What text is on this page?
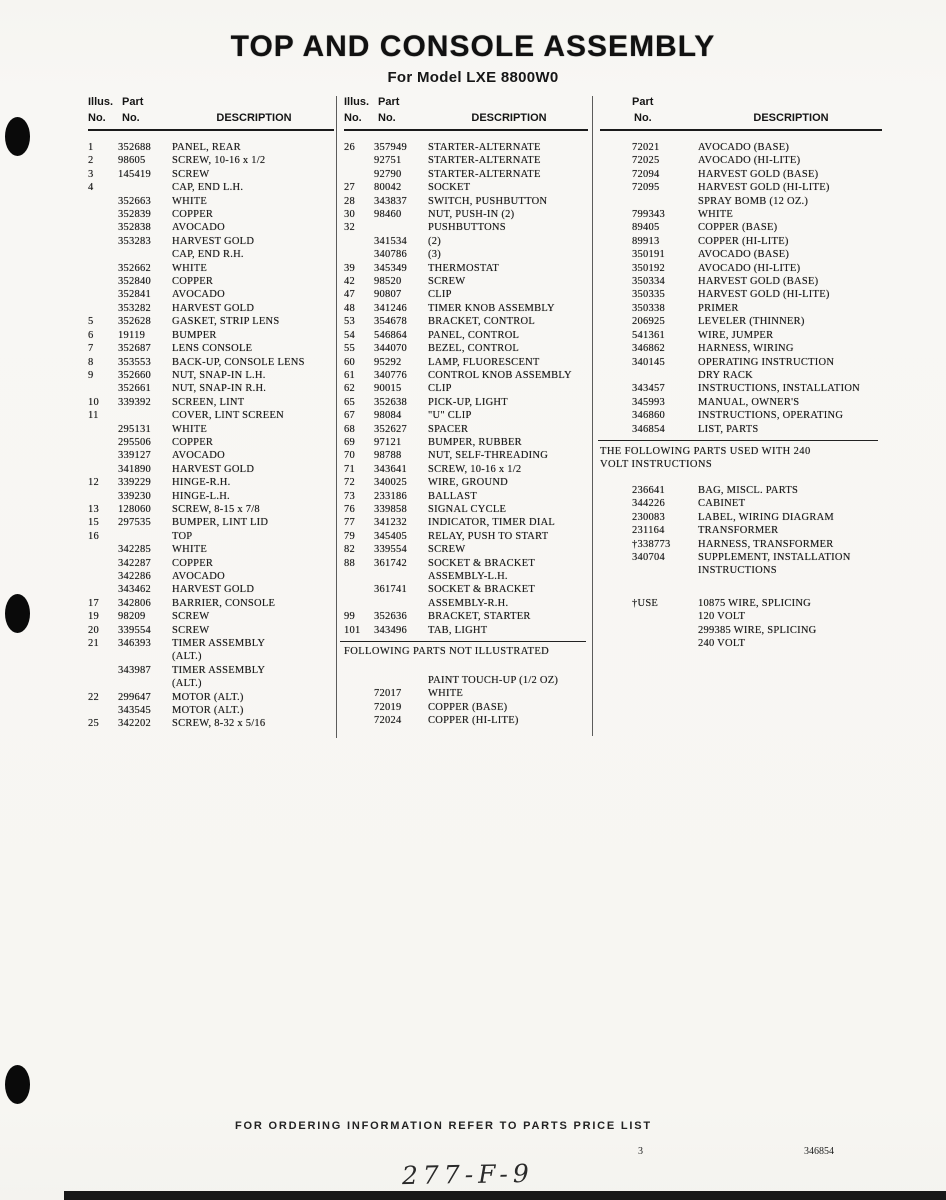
TOP AND CONSOLE ASSEMBLY
For Model LXE 8800W0
Illus. Part
No.	No.	DESCRIPTION
Illus. Part
No.	No.	DESCRIPTION
Part
No.	DESCRIPTION
1	352688	PANEL, REAR
2	98605	SCREW, 10-16 x 1/2
3	145419	SCREW
4	CAP, END L.H.
352663	WHITE
352839	COPPER
352838	AVOCADO
353283	HARVEST GOLD
CAP, END R.H.
352662	WHITE
352840	COPPER
352841	AVOCADO
353282	HARVEST GOLD
5	352628	GASKET, STRIP LENS
6	19119	BUMPER
7	352687	LENS CONSOLE
8	353553	BACK-UP, CONSOLE LENS
9	352660	NUT, SNAP-IN L.H.
352661	NUT, SNAP-IN R.H.
10	339392	SCREEN, LINT
11	COVER, LINT SCREEN
295131	WHITE
295506	COPPER
339127	AVOCADO
341890	HARVEST GOLD
12	339229	HINGE-R.H.
339230	HINGE-L.H.
13	128060	SCREW, 8-15 x 7/8
15	297535	BUMPER, LINT LID
16	TOP
342285	WHITE
342287	COPPER
342286	AVOCADO
343462	HARVEST GOLD
17	342806	BARRIER, CONSOLE
19	98209	SCREW
20	339554	SCREW
21	346393	TIMER ASSEMBLY
(ALT.)
343987	TIMER ASSEMBLY
(ALT.)
22	299647	MOTOR (ALT.)
343545	MOTOR (ALT.)
25	342202	SCREW, 8-32 x 5/16
26	357949	STARTER-ALTERNATE
92751	STARTER-ALTERNATE
92790	STARTER-ALTERNATE
27	80042	SOCKET
28	343837	SWITCH, PUSHBUTTON
30	98460	NUT, PUSH-IN (2)
32	PUSHBUTTONS
341534	(2)
340786	(3)
39	345349	THERMOSTAT
42	98520	SCREW
47	90807	CLIP
48	341246	TIMER KNOB ASSEMBLY
53	354678	BRACKET, CONTROL
54	546864	PANEL, CONTROL
55	344070	BEZEL, CONTROL
60	95292	LAMP, FLUORESCENT
61	340776	CONTROL KNOB ASSEMBLY
62	90015	CLIP
65	352638	PICK-UP, LIGHT
67	98084	"U" CLIP
68	352627	SPACER
69	97121	BUMPER, RUBBER
70	98788	NUT, SELF-THREADING
71	343641	SCREW, 10-16 x 1/2
72	340025	WIRE, GROUND
73	233186	BALLAST
76	339858	SIGNAL CYCLE
77	341232	INDICATOR, TIMER DIAL
79	345405	RELAY, PUSH TO START
82	339554	SCREW
88	361742	SOCKET & BRACKET
ASSEMBLY-L.H.
361741	SOCKET & BRACKET
ASSEMBLY-R.H.
99	352636	BRACKET, STARTER
101	343496	TAB, LIGHT
FOLLOWING PARTS NOT ILLUSTRATED
PAINT TOUCH-UP (1/2 OZ)
72017	WHITE
72019	COPPER (BASE)
72024	COPPER (HI-LITE)
72021	AVOCADO (BASE)
72025	AVOCADO (HI-LITE)
72094	HARVEST GOLD (BASE)
72095	HARVEST GOLD (HI-LITE)
SPRAY BOMB (12 OZ.)
799343	WHITE
89405	COPPER (BASE)
89913	COPPER (HI-LITE)
350191	AVOCADO (BASE)
350192	AVOCADO (HI-LITE)
350334	HARVEST GOLD (BASE)
350335	HARVEST GOLD (HI-LITE)
350338	PRIMER
206925	LEVELER (THINNER)
541361	WIRE, JUMPER
346862	HARNESS, WIRING
340145	OPERATING INSTRUCTION
DRY RACK
343457	INSTRUCTIONS, INSTALLATION
345993	MANUAL, OWNER'S
346860	INSTRUCTIONS, OPERATING
346854	LIST, PARTS
THE FOLLOWING PARTS USED WITH 240
VOLT INSTRUCTIONS
236641	BAG, MISCL. PARTS
344226	CABINET
230083	LABEL, WIRING DIAGRAM
231164	TRANSFORMER
†338773	HARNESS, TRANSFORMER
340704	SUPPLEMENT, INSTALLATION
INSTRUCTIONS
†USE	10875 WIRE, SPLICING
120 VOLT
299385 WIRE, SPLICING
240 VOLT
FOR ORDERING INFORMATION REFER TO PARTS PRICE LIST
3	346854
277-F-9
